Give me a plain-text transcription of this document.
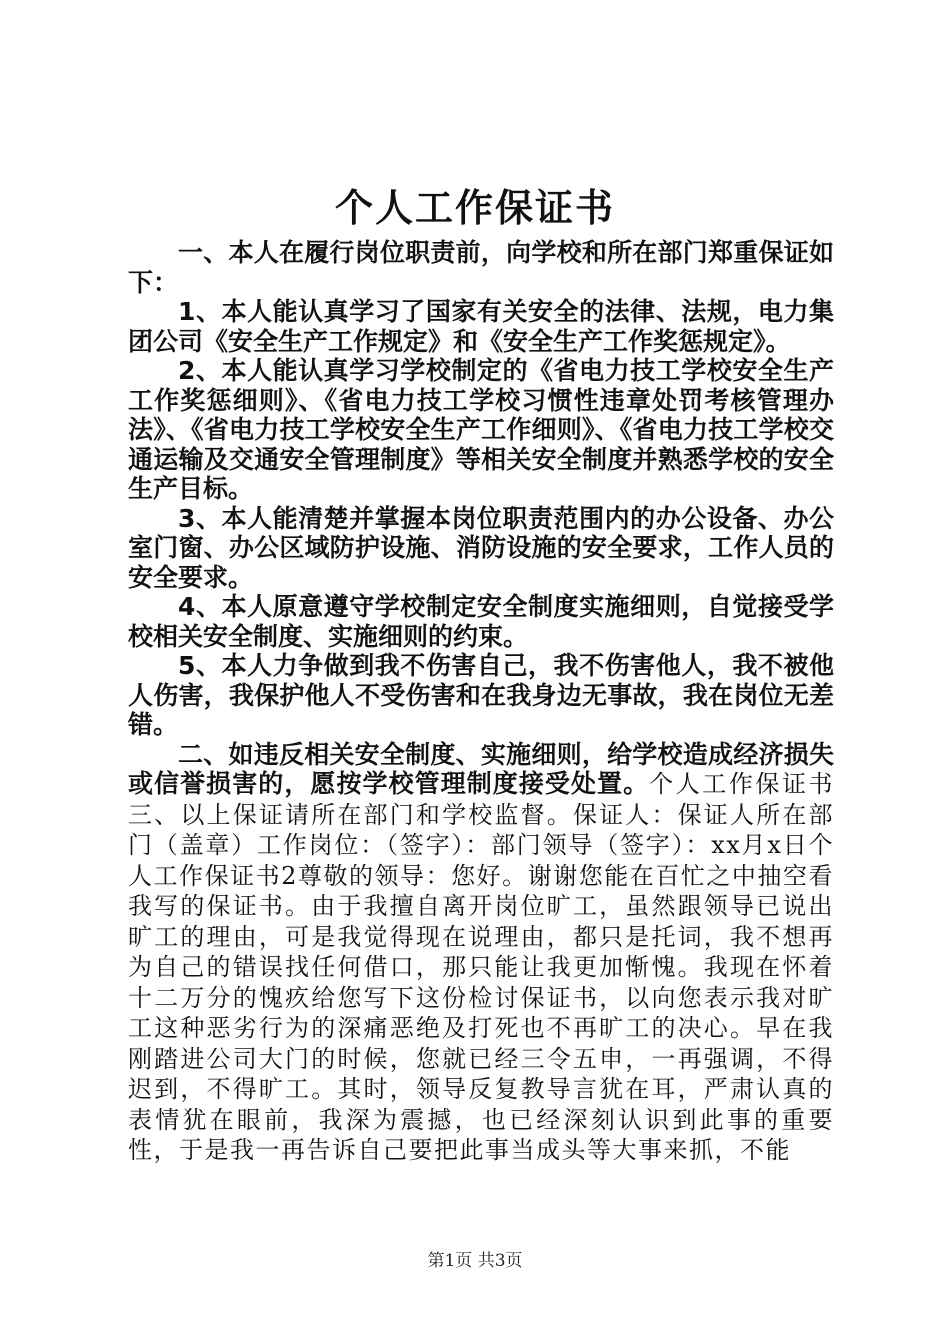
个人工作保证书

一、本人在履行岗位职责前，向学校和所在部门郑重保证如下：

1、本人能认真学习了国家有关安全的法律、法规，电力集团公司《安全生产工作规定》和《安全生产工作奖惩规定》。

2、本人能认真学习学校制定的《省电力技工学校安全生产工作奖惩细则》、《省电力技工学校习惯性违章处罚考核管理办法》、《省电力技工学校安全生产工作细则》、《省电力技工学校交通运输及交通安全管理制度》等相关安全制度并熟悉学校的安全生产目标。

3、本人能清楚并掌握本岗位职责范围内的办公设备、办公室门窗、办公区域防护设施、消防设施的安全要求，工作人员的安全要求。

4、本人原意遵守学校制定安全制度实施细则，自觉接受学校相关安全制度、实施细则的约束。

5、本人力争做到我不伤害自己，我不伤害他人，我不被他人伤害，我保护他人不受伤害和在我身边无事故，我在岗位无差错。

二、如违反相关安全制度、实施细则，给学校造成经济损失或信誉损害的，愿按学校管理制度接受处置。个人工作保证书三、以上保证请所在部门和学校监督。保证人：保证人所在部门（盖章）工作岗位：（签字）：部门领导（签字）：xx月x日个人工作保证书2尊敬的领导：您好。谢谢您能在百忙之中抽空看我写的保证书。由于我擅自离开岗位旷工，虽然跟领导已说出旷工的理由，可是我觉得现在说理由，都只是托词，我不想再为自己的错误找任何借口，那只能让我更加惭愧。我现在怀着十二万分的愧疚给您写下这份检讨保证书，以向您表示我对旷工这种恶劣行为的深痛恶绝及打死也不再旷工的决心。早在我刚踏进公司大门的时候，您就已经三令五申，一再强调，不得迟到，不得旷工。其时，领导反复教导言犹在耳，严肃认真的表情犹在眼前，我深为震撼，也已经深刻认识到此事的重要性，于是我一再告诉自己要把此事当成头等大事来抓，不能

第1页 共3页
